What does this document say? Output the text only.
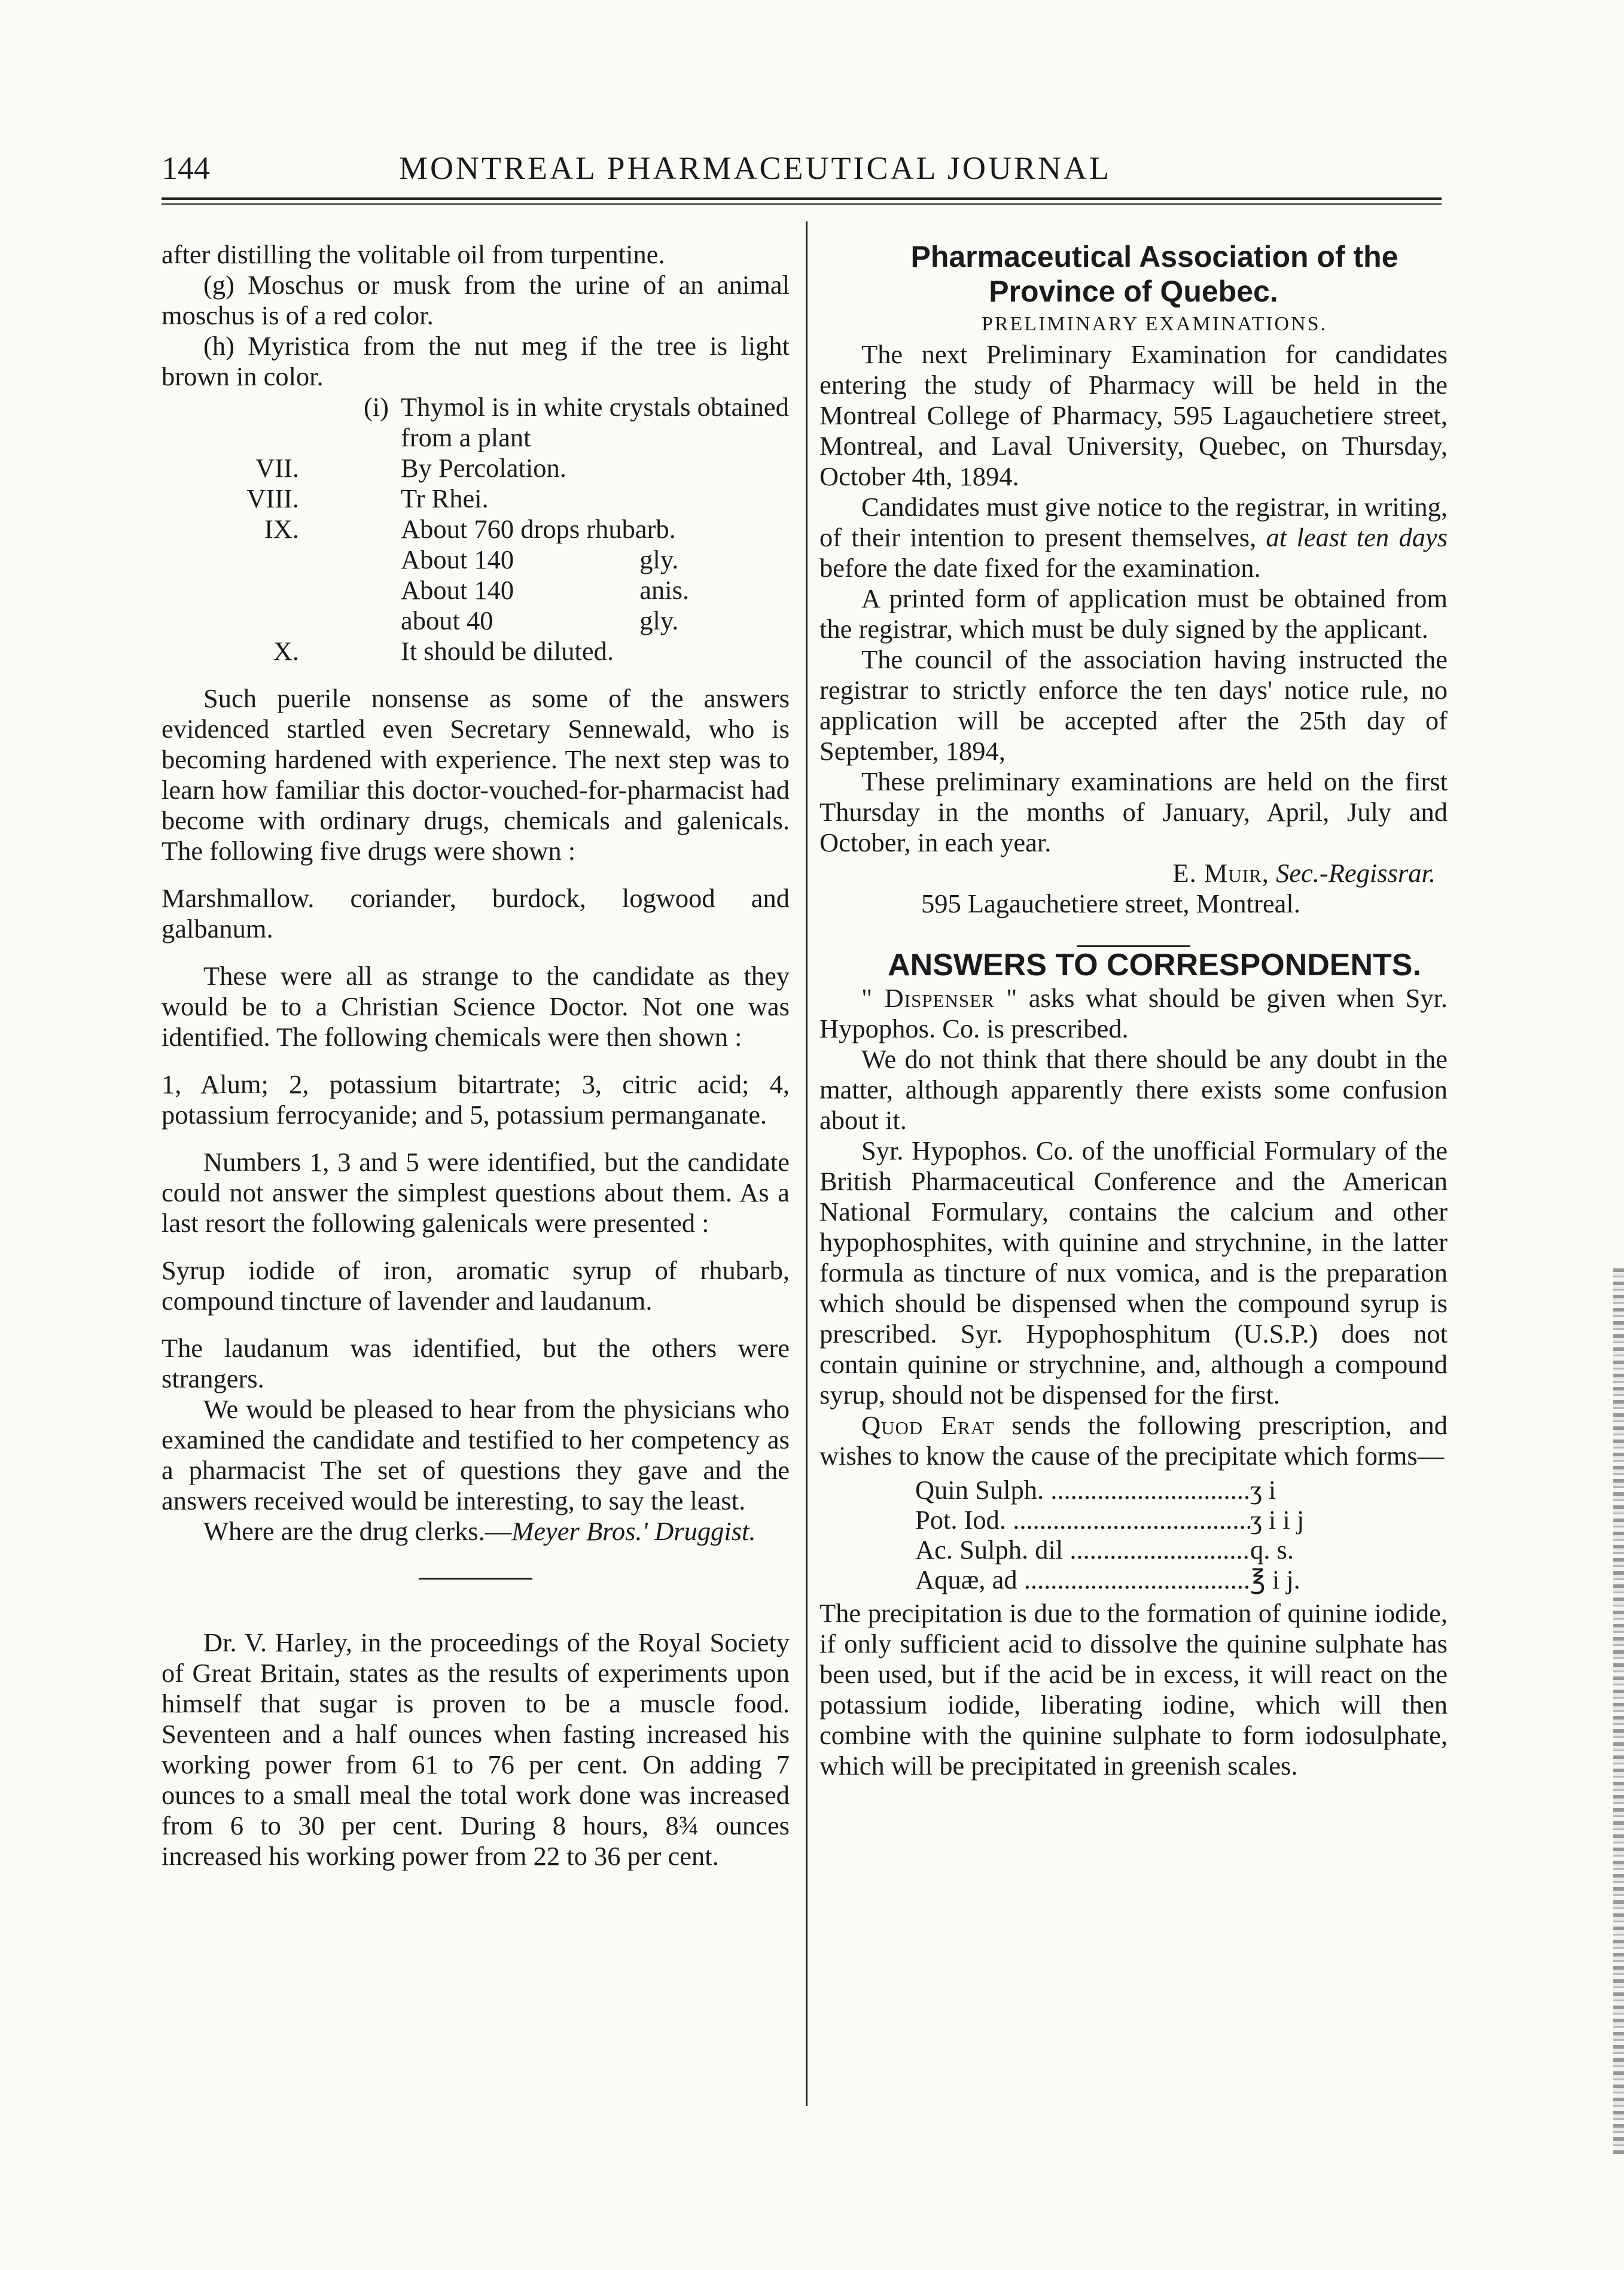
144	MONTREAL PHARMACEUTICAL JOURNAL

after distilling the volitable oil from turpentine.

(g) Moschus or musk from the urine of an animal moschus is of a red color.

(h) Myristica from the nut meg if the tree is light brown in color.

	(i)	Thymol is in white crystals obtained
		from a plant
VII.		By Percolation.
VIII.		Tr Rhei.
IX.		About 760 drops rhubarb.
		About 140	gly.
		About 140	anis.
		about 40	gly.
X.		It should be diluted.

Such puerile nonsense as some of the answers evidenced startled even Secretary Sennewald, who is becoming hardened with experience. The next step was to learn how familiar this doctor-vouched-for-pharmacist had become with ordinary drugs, chemicals and galenicals. The following five drugs were shown :

Marshmallow. coriander, burdock, logwood and galbanum.

These were all as strange to the candidate as they would be to a Christian Science Doctor. Not one was identified. The following chemicals were then shown :

1, Alum; 2, potassium bitartrate; 3, citric acid; 4, potassium ferrocyanide; and 5, potassium permanganate.

Numbers 1, 3 and 5 were identified, but the candidate could not answer the simplest questions about them. As a last resort the following galenicals were presented :

Syrup iodide of iron, aromatic syrup of rhubarb, compound tincture of lavender and laudanum.

The laudanum was identified, but the others were strangers.

We would be pleased to hear from the physicians who examined the candidate and testified to her competency as a pharmacist The set of questions they gave and the answers received would be interesting, to say the least.

Where are the drug clerks.—Meyer Bros.' Druggist.

Dr. V. Harley, in the proceedings of the Royal Society of Great Britain, states as the results of experiments upon himself that sugar is proven to be a muscle food. Seventeen and a half ounces when fasting increased his working power from 61 to 76 per cent. On adding 7 ounces to a small meal the total work done was increased from 6 to 30 per cent. During 8 hours, 8¾ ounces increased his working power from 22 to 36 per cent.

Pharmaceutical Association of the Province of Quebec.

PRELIMINARY EXAMINATIONS.

The next Preliminary Examination for candidates entering the study of Pharmacy will be held in the Montreal College of Pharmacy, 595 Lagauchetiere street, Montreal, and Laval University, Quebec, on Thursday, October 4th, 1894.

Candidates must give notice to the registrar, in writing, of their intention to present themselves, at least ten days before the date fixed for the examination.

A printed form of application must be obtained from the registrar, which must be duly signed by the applicant.

The council of the association having instructed the registrar to strictly enforce the ten days' notice rule, no application will be accepted after the 25th day of September, 1894,

These preliminary examinations are held on the first Thursday in the months of January, April, July and October, in each year.

E. Muir, Sec.-Regissrar.

595 Lagauchetiere street, Montreal.

ANSWERS TO CORRESPONDENTS.

" Dispenser " asks what should be given when Syr. Hypophos. Co. is prescribed.

We do not think that there should be any doubt in the matter, although apparently there exists some confusion about it.

Syr. Hypophos. Co. of the unofficial Formulary of the British Pharmaceutical Conference and the American National Formulary, contains the calcium and other hypophosphites, with quinine and strychnine, in the latter formula as tincture of nux vomica, and is the preparation which should be dispensed when the compound syrup is prescribed. Syr. Hypophosphitum (U.S.P.) does not contain quinine or strychnine, and, although a compound syrup, should not be dispensed for the first.

Quod Erat sends the following prescription, and wishes to know the cause of the precipitate which forms—

Quin Sulph. .....	ʒ i
Pot. Iod. .....	ʒ i i j
Ac. Sulph. dil .....	q. s.
Aquæ, ad .....	℥ i j.

The precipitation is due to the formation of quinine iodide, if only sufficient acid to dissolve the quinine sulphate has been used, but if the acid be in excess, it will react on the potassium iodide, liberating iodine, which will then combine with the quinine sulphate to form iodosulphate, which will be precipitated in greenish scales.
